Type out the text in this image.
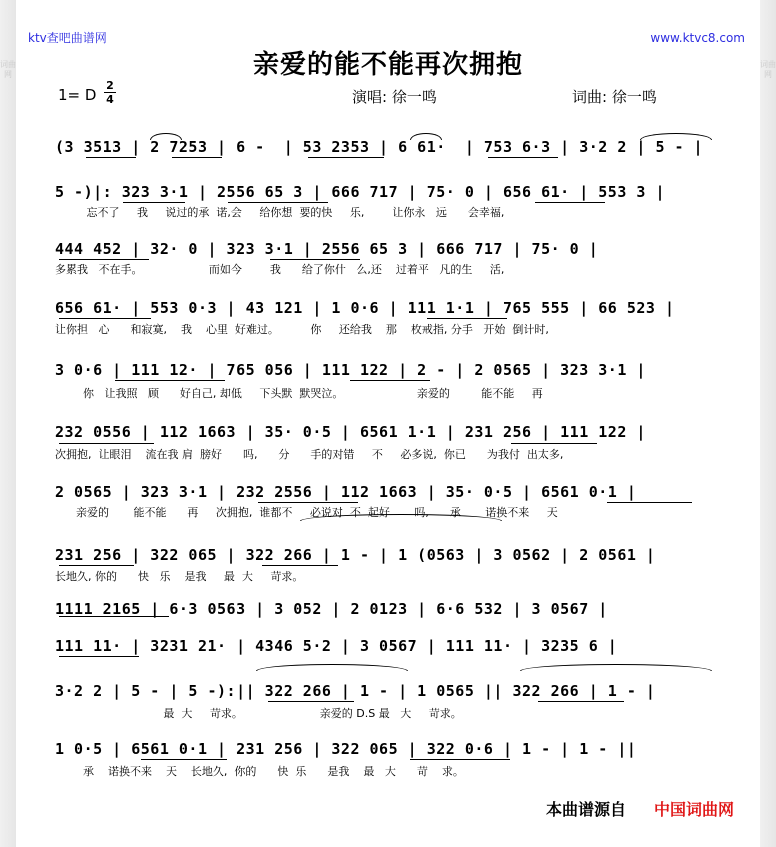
词曲网
词曲网
ktv查吧曲谱网	www.ktvc8.com
亲爱的能不能再次拥抱
1= D
2
4	演唱: 徐一鸣	词曲: 徐一鸣
(3 3513 | 2 7253 | 6 -  | 53 2353 | 6 61·  | 753 6·3 | 3·2 2 | 5 - |
5 -)|: 323 3·1 | 2556 65 3 | 666 717 | 75· 0 | 656 61· | 553 3 |
忘不了     我     说过的承  诺,会     给你想  要的快     乐,        让你永   远      会幸福,
444 452 | 32· 0 | 323 3·1 | 2556 65 3 | 666 717 | 75· 0 |
多累我   不在手。                   而如今        我      给了你什   么,还    过着平   凡的生     活,
656 61· | 553 0·3 | 43 121 | 1 0·6 | 111 1·1 | 765 555 | 66 523 |
让你担   心      和寂寞,    我    心里  好难过。         你     还给我    那    枚戒指, 分手   开始  倒计时,
3 0·6 | 111 12· | 765 056 | 111 122 | 2 - | 2 0565 | 323 3·1 |
你   让我照   顾      好自己, 却低     下头默  默哭泣。                     亲爱的         能不能     再
232 0556 | 112 1663 | 35· 0·5 | 6561 1·1 | 231 256 | 111 122 |
次拥抱,  让眼泪    流在我 肩  膀好      吗,      分      手的对错     不     必多说,  你已      为我付  出太多,
2 0565 | 323 3·1 | 232 2556 | 112 1663 | 35· 0·5 | 6561 0·1 |
亲爱的       能不能      再     次拥抱,  谁都不     必说对  不  起好       吗,      承       诺换不来     天
231 256 | 322 065 | 322 266 | 1 - | 1 (0563 | 3 0562 | 2 0561 |
长地久, 你的      快   乐    是我     最  大     苛求。
1111 2165 | 6·3 0563 | 3 052 | 2 0123 | 6·6 532 | 3 0567 |
111 11· | 3231 21· | 4346 5·2 | 3 0567 | 111 11· | 3235 6 |
3·2 2 | 5 - | 5 -):|| 322 266 | 1 - | 1 0565 || 322 266 | 1 - |
最  大     苛求。                      亲爱的 D.S 最   大     苛求。
1 0·5 | 6561 0·1 | 231 256 | 322 065 | 322 0·6 | 1 - | 1 - ||
承    诺换不来    天    长地久,  你的      快  乐      是我    最   大      苛    求。
本曲谱源自 中国词曲网
